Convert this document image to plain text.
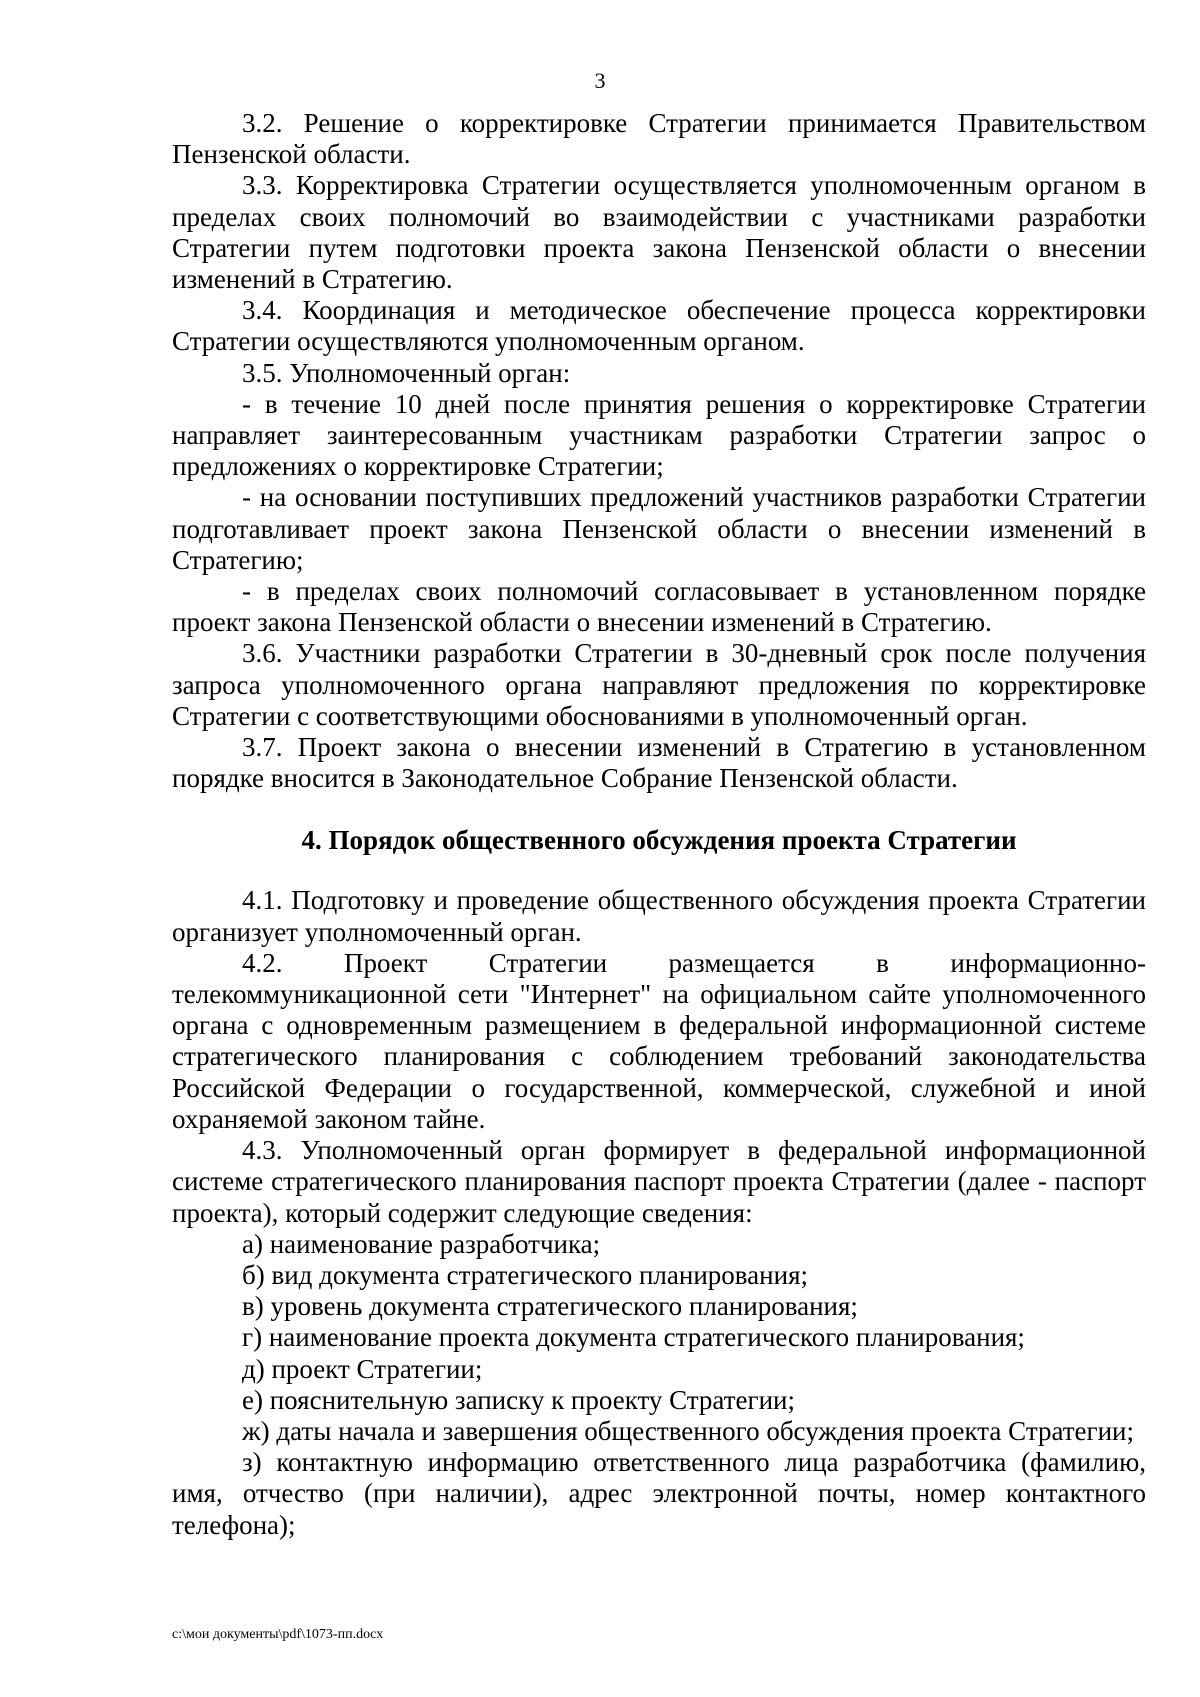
3

3.2. Решение о корректировке Стратегии принимается Правительством Пензенской области.

3.3. Корректировка Стратегии осуществляется уполномоченным органом в пределах своих полномочий во взаимодействии с участниками разработки Стратегии путем подготовки проекта закона Пензенской области о внесении изменений в Стратегию.

3.4. Координация и методическое обеспечение процесса корректировки Стратегии осуществляются уполномоченным органом.

3.5. Уполномоченный орган:

- в течение 10 дней после принятия решения о корректировке Стратегии направляет заинтересованным участникам разработки Стратегии запрос о предложениях о корректировке Стратегии;

- на основании поступивших предложений участников разработки Стратегии подготавливает проект закона Пензенской области о внесении изменений в Стратегию;

- в пределах своих полномочий согласовывает в установленном порядке проект закона Пензенской области о внесении изменений в Стратегию.

3.6. Участники разработки Стратегии в 30-дневный срок после получения запроса уполномоченного органа направляют предложения по корректировке Стратегии с соответствующими обоснованиями в уполномоченный орган.

3.7. Проект закона о внесении изменений в Стратегию в установленном порядке вносится в Законодательное Собрание Пензенской области.

4. Порядок общественного обсуждения проекта Стратегии

4.1. Подготовку и проведение общественного обсуждения проекта Стратегии организует уполномоченный орган.

4.2. Проект Стратегии размещается в информационно-телекоммуникационной сети "Интернет" на официальном сайте уполномоченного органа с одновременным размещением в федеральной информационной системе стратегического планирования с соблюдением требований законодательства Российской Федерации о государственной, коммерческой, служебной и иной охраняемой законом тайне.

4.3. Уполномоченный орган формирует в федеральной информационной системе стратегического планирования паспорт проекта Стратегии (далее - паспорт проекта), который содержит следующие сведения:

а) наименование разработчика;

б) вид документа стратегического планирования;

в) уровень документа стратегического планирования;

г) наименование проекта документа стратегического планирования;

д) проект Стратегии;

е) пояснительную записку к проекту Стратегии;

ж) даты начала и завершения общественного обсуждения проекта Стратегии;

з) контактную информацию ответственного лица разработчика (фамилию, имя, отчество (при наличии), адрес электронной почты, номер контактного телефона);

c:\мои документы\pdf\1073-пп.docx
